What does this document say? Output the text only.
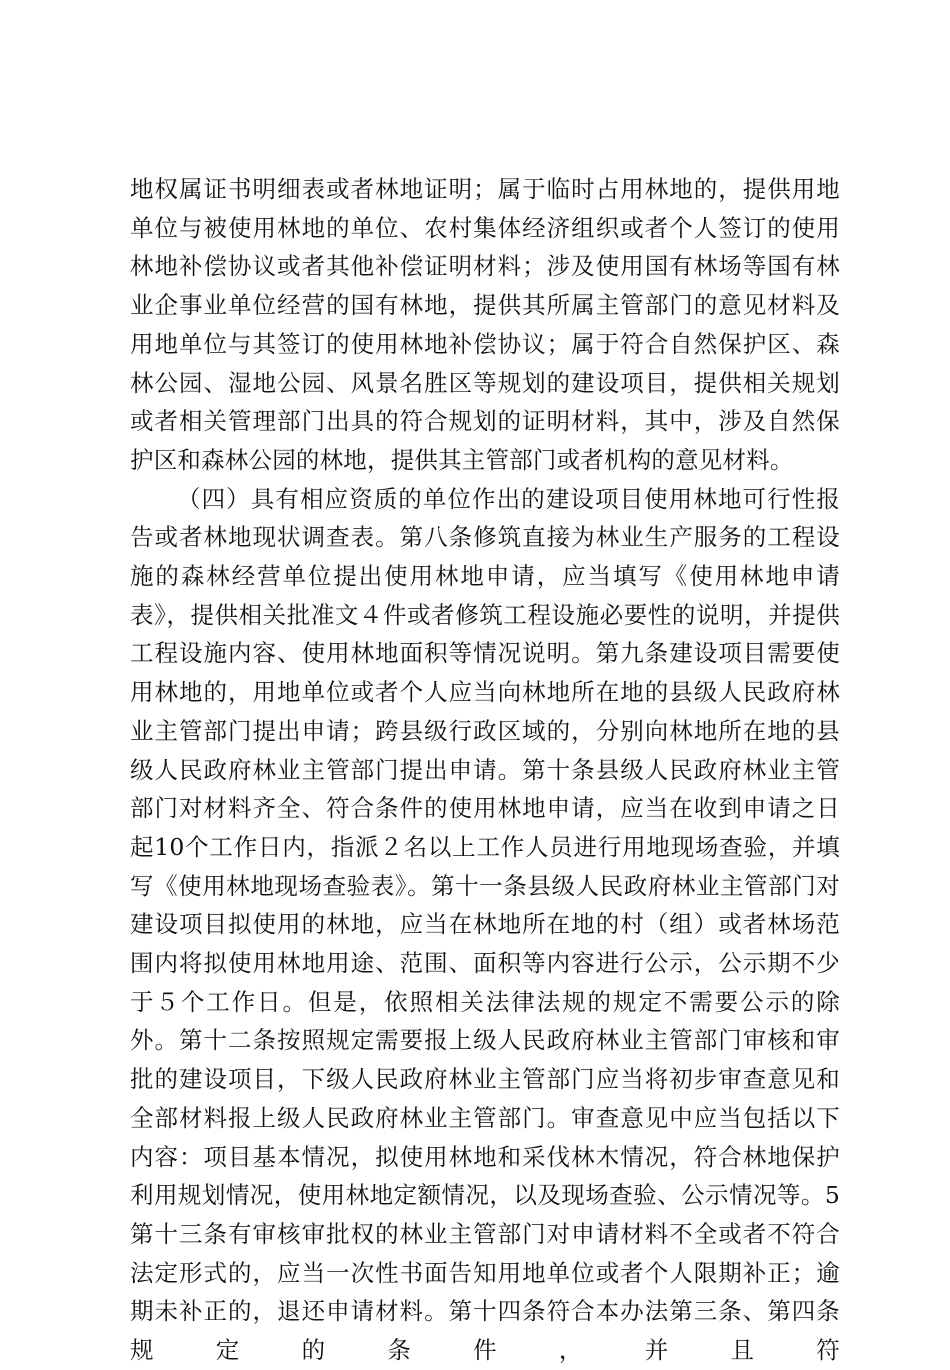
地权属证书明细表或者林地证明；属于临时占用林地的，提供用地单位与被使用林地的单位、农村集体经济组织或者个人签订的使用林地补偿协议或者其他补偿证明材料；涉及使用国有林场等国有林业企事业单位经营的国有林地，提供其所属主管部门的意见材料及用地单位与其签订的使用林地补偿协议；属于符合自然保护区、森林公园、湿地公园、风景名胜区等规划的建设项目，提供相关规划或者相关管理部门出具的符合规划的证明材料，其中，涉及自然保护区和森林公园的林地，提供其主管部门或者机构的意见材料。

（四）具有相应资质的单位作出的建设项目使用林地可行性报告或者林地现状调查表。第八条修筑直接为林业生产服务的工程设施的森林经营单位提出使用林地申请，应当填写《使用林地申请表》，提供相关批准文４件或者修筑工程设施必要性的说明，并提供工程设施内容、使用林地面积等情况说明。第九条建设项目需要使用林地的，用地单位或者个人应当向林地所在地的县级人民政府林业主管部门提出申请；跨县级行政区域的，分别向林地所在地的县级人民政府林业主管部门提出申请。第十条县级人民政府林业主管部门对材料齐全、符合条件的使用林地申请，应当在收到申请之日起10个工作日内，指派２名以上工作人员进行用地现场查验，并填写《使用林地现场查验表》。第十一条县级人民政府林业主管部门对建设项目拟使用的林地，应当在林地所在地的村（组）或者林场范围内将拟使用林地用途、范围、面积等内容进行公示，公示期不少于５个工作日。但是，依照相关法律法规的规定不需要公示的除外。第十二条按照规定需要报上级人民政府林业主管部门审核和审批的建设项目，下级人民政府林业主管部门应当将初步审查意见和全部材料报上级人民政府林业主管部门。审查意见中应当包括以下内容：项目基本情况，拟使用林地和采伐林木情况，符合林地保护利用规划情况，使用林地定额情况，以及现场查验、公示情况等。5第十三条有审核审批权的林业主管部门对申请材料不全或者不符合法定形式的，应当一次性书面告知用地单位或者个人限期补正；逾期未补正的，退还申请材料。第十四条符合本办法第三条、第四条规定的条件，并且符
